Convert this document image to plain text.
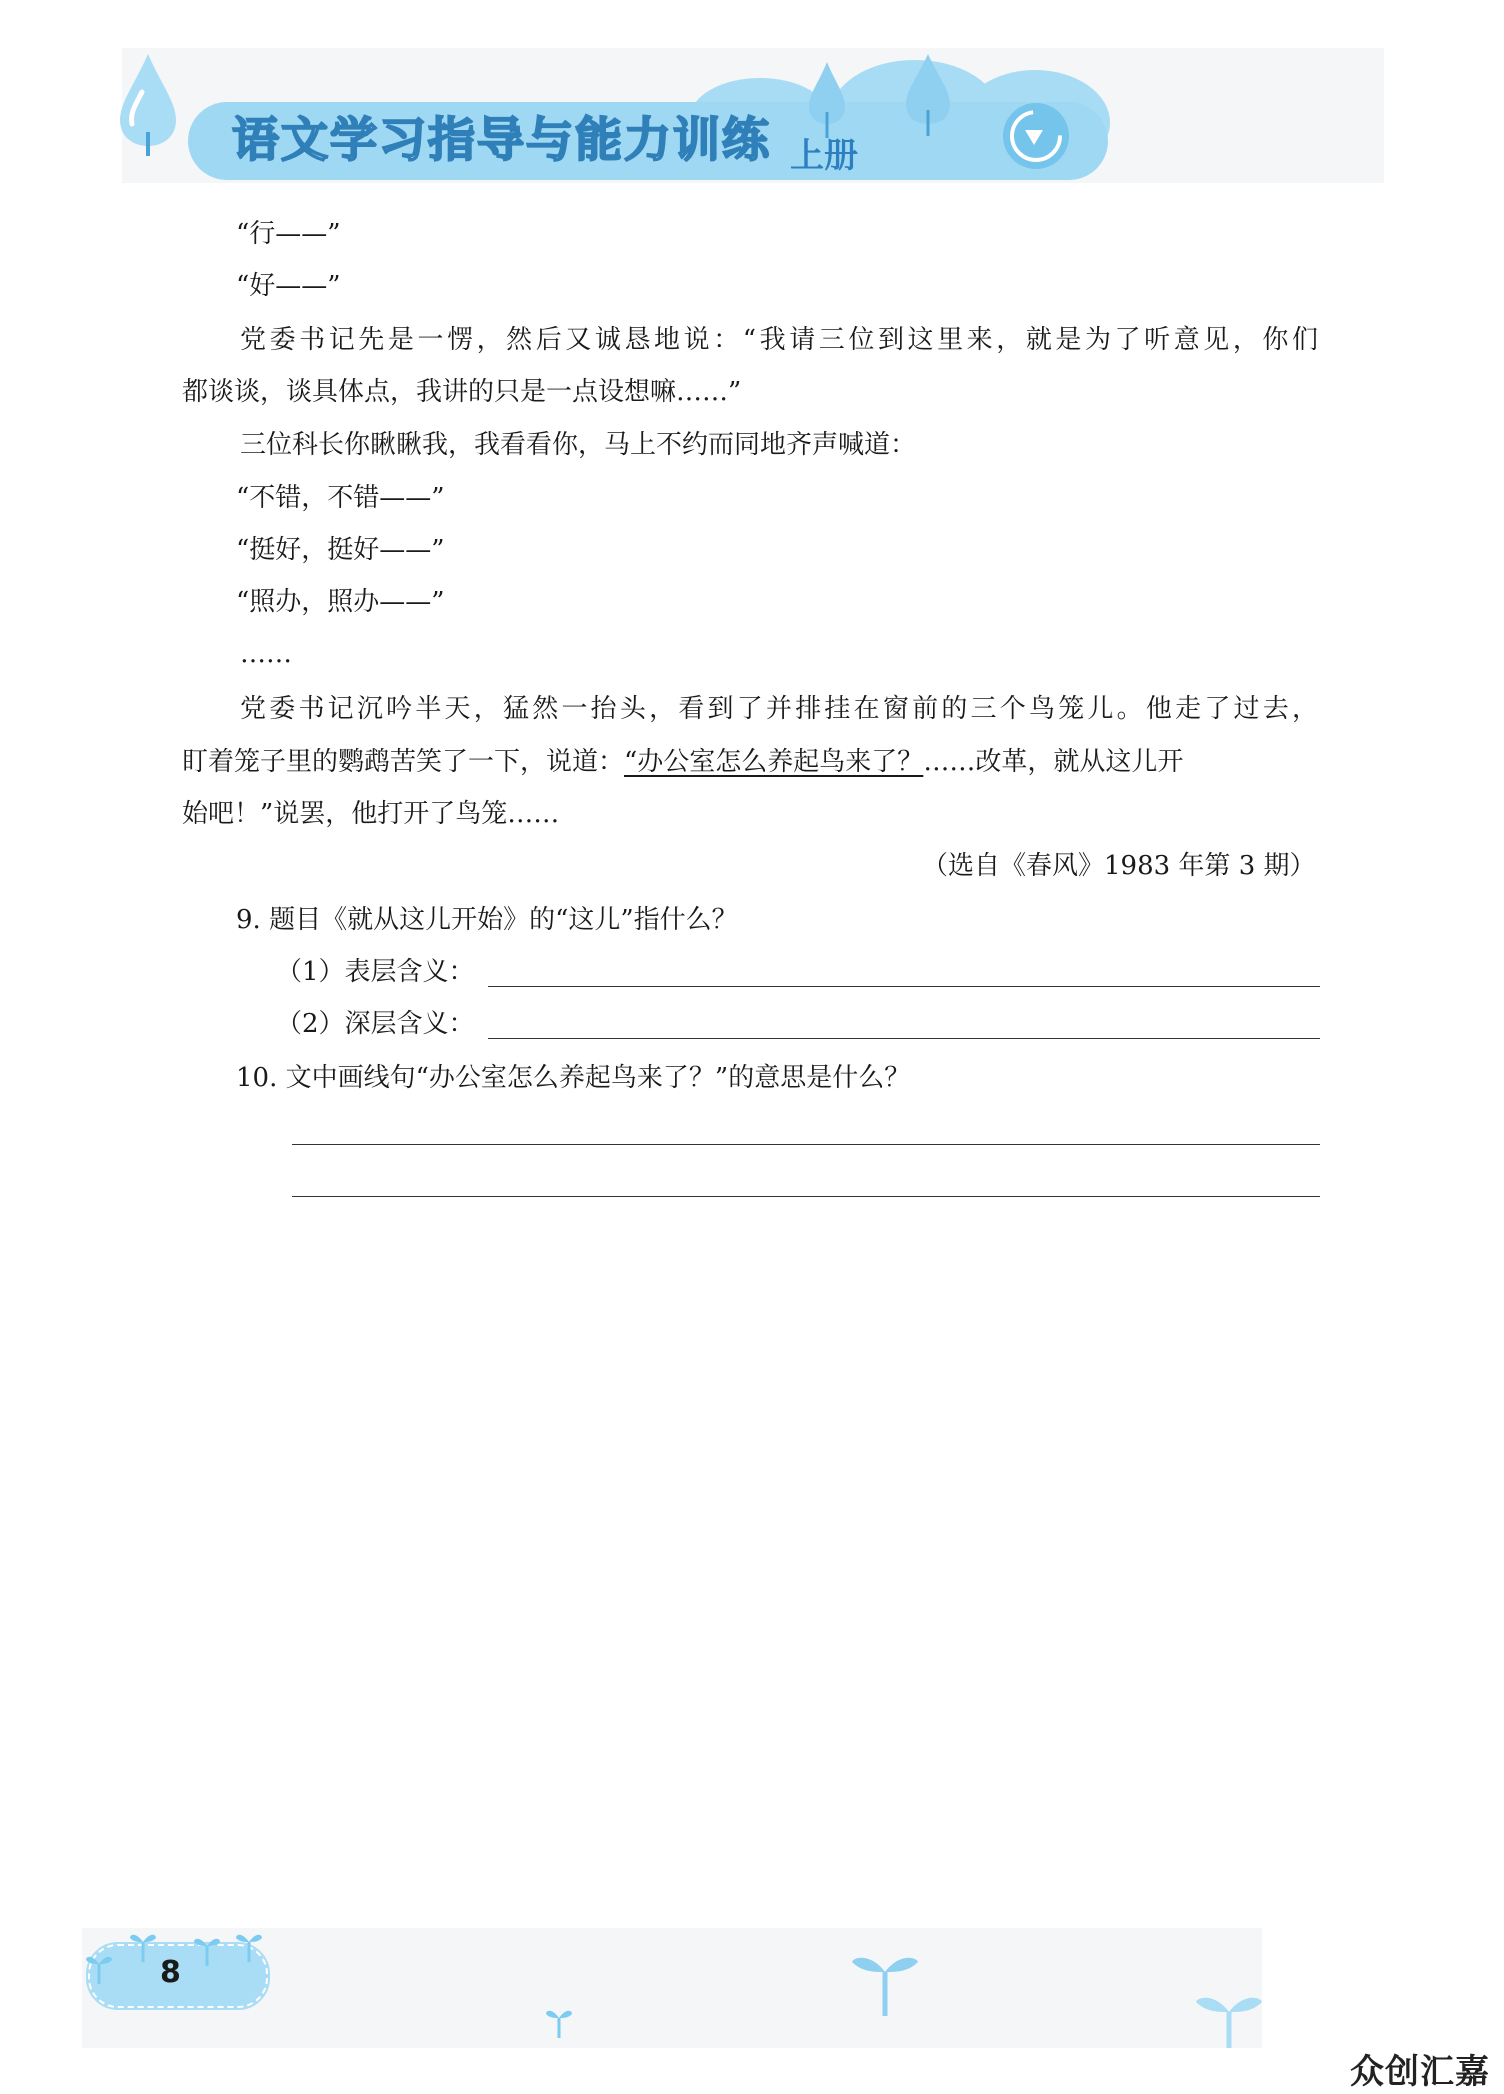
语文学习指导与能力训练 上册
“行——”
“好——”
党委书记先是一愣，然后又诚恳地说：“我请三位到这里来，就是为了听意见，你们
都谈谈，谈具体点，我讲的只是一点设想嘛……”
三位科长你瞅瞅我，我看看你，马上不约而同地齐声喊道：
“不错，不错——”
“挺好，挺好——”
“照办，照办——”
……
党委书记沉吟半天，猛然一抬头，看到了并排挂在窗前的三个鸟笼儿。他走了过去，
盯着笼子里的鹦鹉苦笑了一下，说道：“办公室怎么养起鸟来了？……改革，就从这儿开
始吧！”说罢，他打开了鸟笼……
（选自《春风》1983 年第 3 期）
9. 题目《就从这儿开始》的“这儿”指什么？
（1）表层含义：
（2）深层含义：
10. 文中画线句“办公室怎么养起鸟来了？”的意思是什么？
8
众创汇嘉
